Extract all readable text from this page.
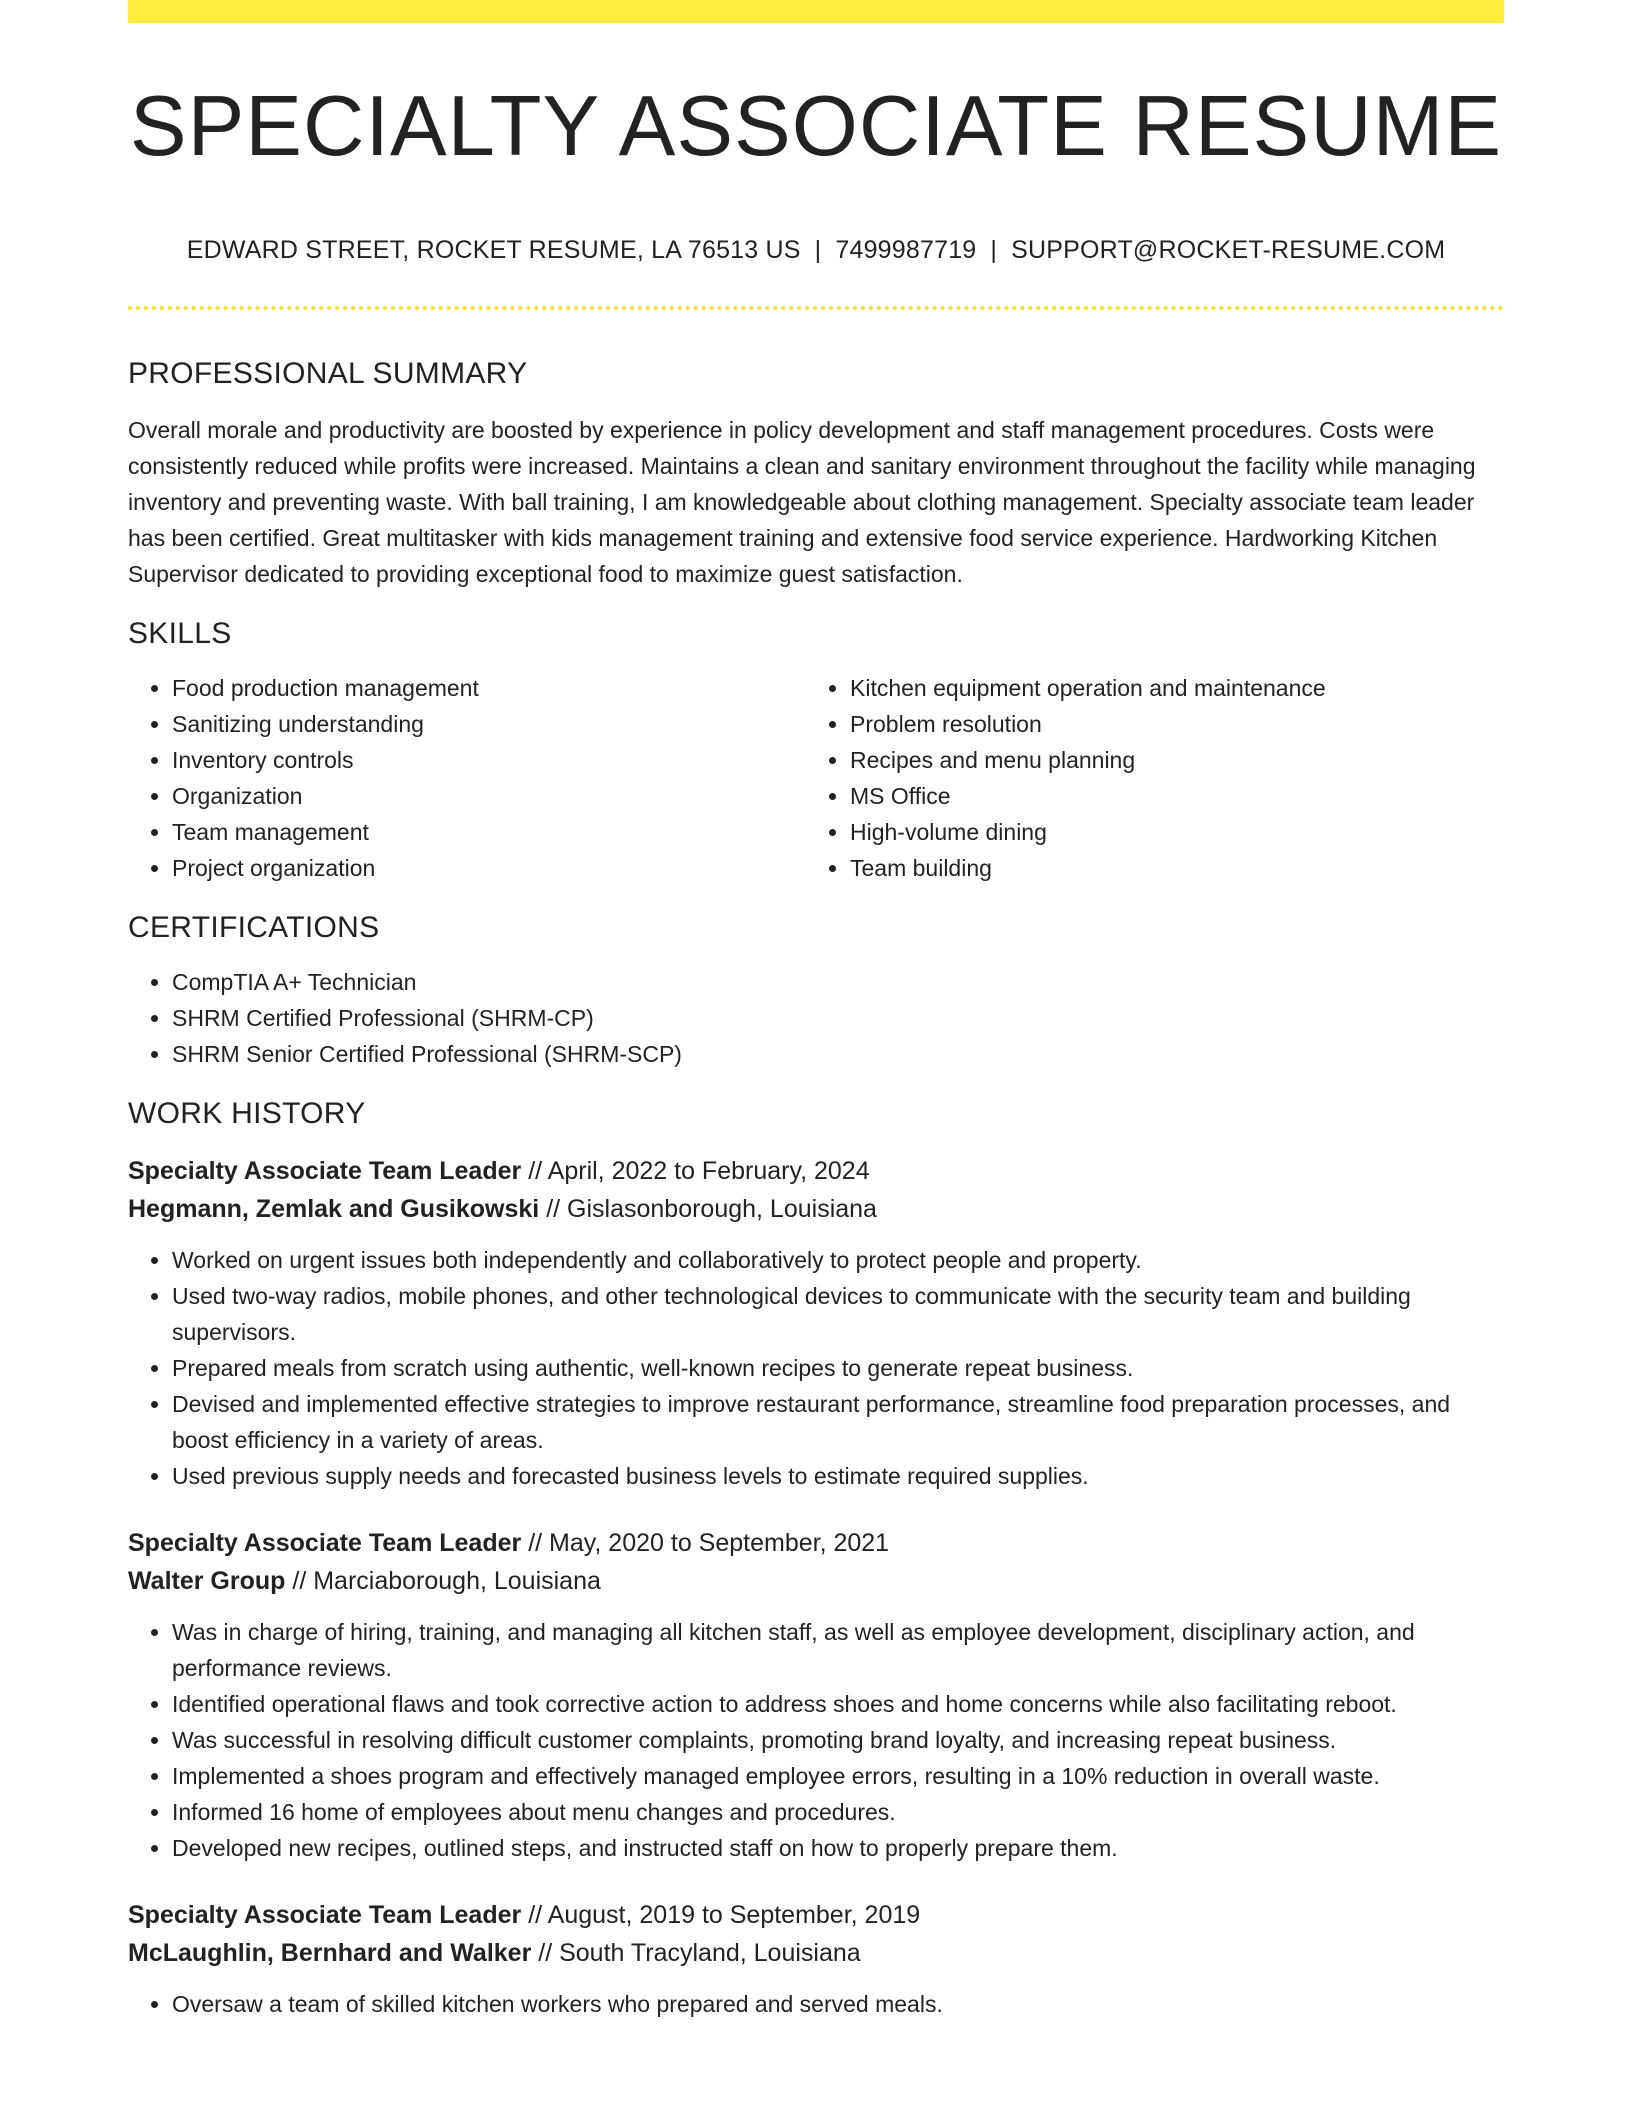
SPECIALTY ASSOCIATE RESUME
EDWARD STREET, ROCKET RESUME, LA 76513 US | 7499987719 | SUPPORT@ROCKET-RESUME.COM
PROFESSIONAL SUMMARY

Overall morale and productivity are boosted by experience in policy development and staff management procedures. Costs were consistently reduced while profits were increased. Maintains a clean and sanitary environment throughout the facility while managing inventory and preventing waste. With ball training, I am knowledgeable about clothing management. Specialty associate team leader has been certified. Great multitasker with kids management training and extensive food service experience. Hardworking Kitchen Supervisor dedicated to providing exceptional food to maximize guest satisfaction.

SKILLS
• Food production management
• Sanitizing understanding
• Inventory controls
• Organization
• Team management
• Project organization
• Kitchen equipment operation and maintenance
• Problem resolution
• Recipes and menu planning
• MS Office
• High-volume dining
• Team building
CERTIFICATIONS
• CompTIA A+ Technician
• SHRM Certified Professional (SHRM-CP)
• SHRM Senior Certified Professional (SHRM-SCP)
WORK HISTORY

Specialty Associate Team Leader // April, 2022 to February, 2024

Hegmann, Zemlak and Gusikowski // Gislasonborough, Louisiana

• Worked on urgent issues both independently and collaboratively to protect people and property.
• Used two-way radios, mobile phones, and other technological devices to communicate with the security team and building supervisors.
• Prepared meals from scratch using authentic, well-known recipes to generate repeat business.
• Devised and implemented effective strategies to improve restaurant performance, streamline food preparation processes, and boost efficiency in a variety of areas.
• Used previous supply needs and forecasted business levels to estimate required supplies.

Specialty Associate Team Leader // May, 2020 to September, 2021

Walter Group // Marciaborough, Louisiana

• Was in charge of hiring, training, and managing all kitchen staff, as well as employee development, disciplinary action, and performance reviews.
• Identified operational flaws and took corrective action to address shoes and home concerns while also facilitating reboot.
• Was successful in resolving difficult customer complaints, promoting brand loyalty, and increasing repeat business.
• Implemented a shoes program and effectively managed employee errors, resulting in a 10% reduction in overall waste.
• Informed 16 home of employees about menu changes and procedures.
• Developed new recipes, outlined steps, and instructed staff on how to properly prepare them.

Specialty Associate Team Leader // August, 2019 to September, 2019

McLaughlin, Bernhard and Walker // South Tracyland, Louisiana

• Oversaw a team of skilled kitchen workers who prepared and served meals.
